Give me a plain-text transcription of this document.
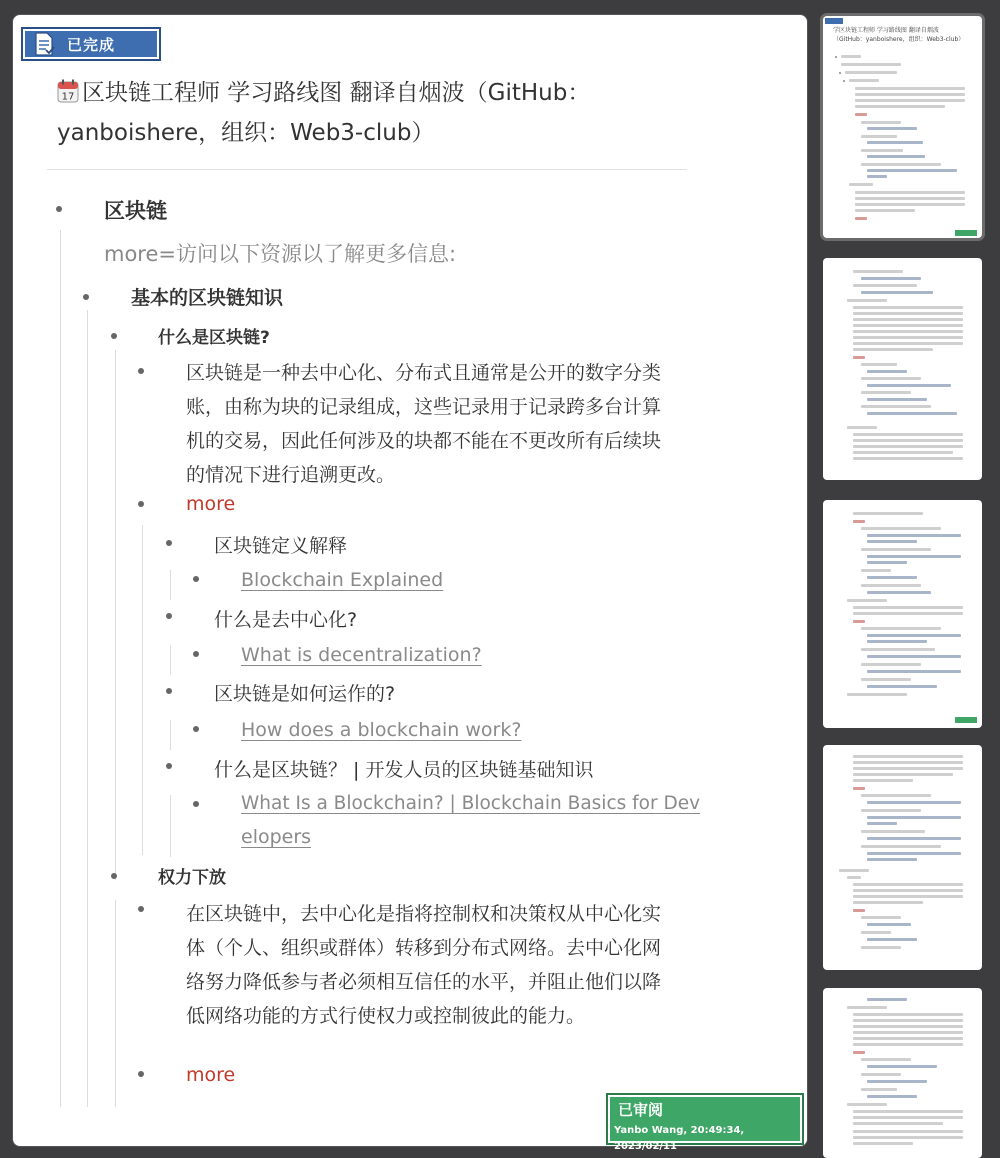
已完成
17 区块链工程师 学习路线图 翻译自烟波（GitHub：yanboishere，组织：Web3-club）
区块链
more=访问以下资源以了解更多信息:
基本的区块链知识
什么是区块链?
区块链是一种去中心化、分布式且通常是公开的数字分类账，由称为块的记录组成，这些记录用于记录跨多台计算机的交易，因此任何涉及的块都不能在不更改所有后续块的情况下进行追溯更改。
more
区块链定义解释
Blockchain Explained
什么是去中心化?
What is decentralization?
区块链是如何运作的?
How does a blockchain work?
什么是区块链？ | 开发人员的区块链基础知识
What Is a Blockchain? | Blockchain Basics for Dev
elopers
权力下放
在区块链中，去中心化是指将控制权和决策权从中心化实体（个人、组织或群体）转移到分布式网络。去中心化网络努力降低参与者必须相互信任的水平，并阻止他们以降低网络功能的方式行使权力或控制彼此的能力。
more
已审阅
Yanbo Wang, 20:49:34, 2023/02/11
学区块链工程师 学习路线图 翻译自烟波（GitHub：yanboishere，组织：Web3-club）
